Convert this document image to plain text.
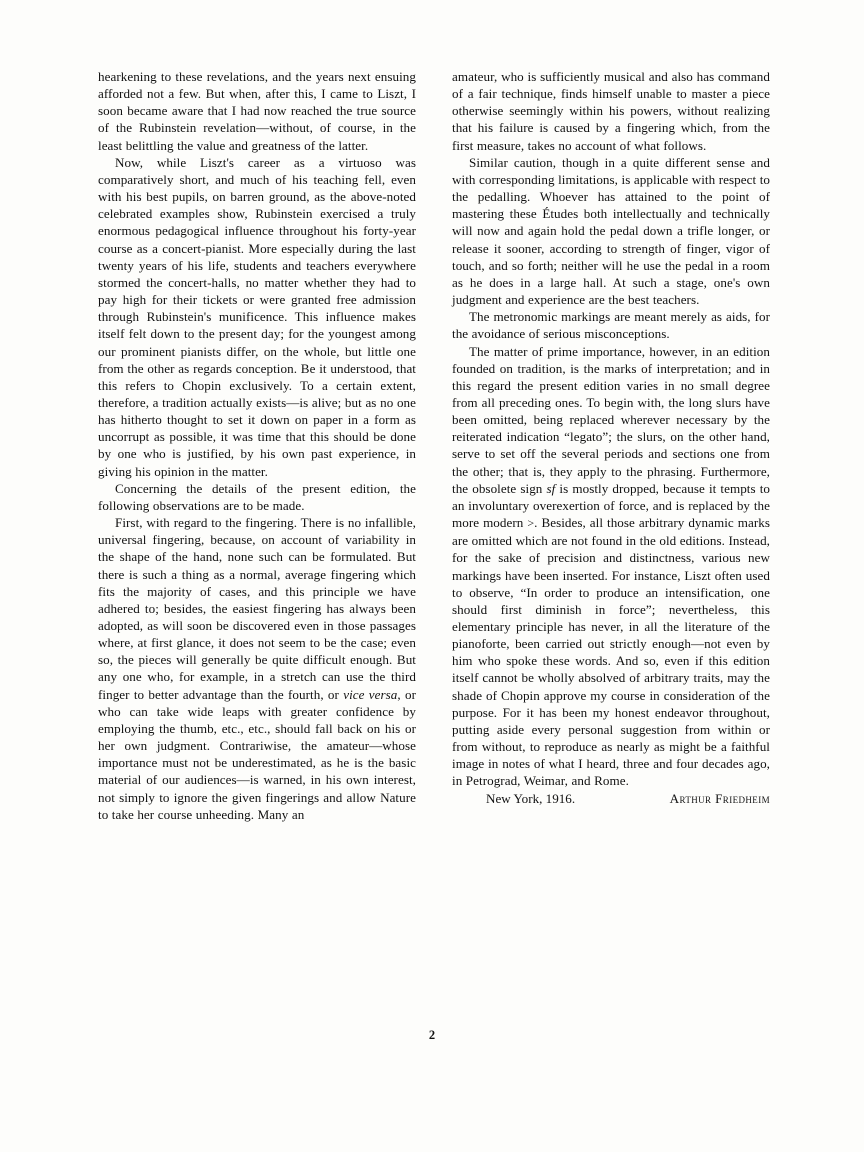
hearkening to these revelations, and the years next ensuing afforded not a few. But when, after this, I came to Liszt, I soon became aware that I had now reached the true source of the Rubinstein revelation—without, of course, in the least belittling the value and greatness of the latter.

Now, while Liszt's career as a virtuoso was comparatively short, and much of his teaching fell, even with his best pupils, on barren ground, as the above-noted celebrated examples show, Rubinstein exercised a truly enormous pedagogical influence throughout his forty-year course as a concert-pianist. More especially during the last twenty years of his life, students and teachers everywhere stormed the concert-halls, no matter whether they had to pay high for their tickets or were granted free admission through Rubinstein's munificence. This influence makes itself felt down to the present day; for the youngest among our prominent pianists differ, on the whole, but little one from the other as regards conception. Be it understood, that this refers to Chopin exclusively. To a certain extent, therefore, a tradition actually exists—is alive; but as no one has hitherto thought to set it down on paper in a form as uncorrupt as possible, it was time that this should be done by one who is justified, by his own past experience, in giving his opinion in the matter.

Concerning the details of the present edition, the following observations are to be made.

First, with regard to the fingering. There is no infallible, universal fingering, because, on account of variability in the shape of the hand, none such can be formulated. But there is such a thing as a normal, average fingering which fits the majority of cases, and this principle we have adhered to; besides, the easiest fingering has always been adopted, as will soon be discovered even in those passages where, at first glance, it does not seem to be the case; even so, the pieces will generally be quite difficult enough. But any one who, for example, in a stretch can use the third finger to better advantage than the fourth, or vice versa, or who can take wide leaps with greater confidence by employing the thumb, etc., etc., should fall back on his or her own judgment. Contrariwise, the amateur—whose importance must not be underestimated, as he is the basic material of our audiences—is warned, in his own interest, not simply to ignore the given fingerings and allow Nature to take her course unheeding. Many an

amateur, who is sufficiently musical and also has command of a fair technique, finds himself unable to master a piece otherwise seemingly within his powers, without realizing that his failure is caused by a fingering which, from the first measure, takes no account of what follows.

Similar caution, though in a quite different sense and with corresponding limitations, is applicable with respect to the pedalling. Whoever has attained to the point of mastering these Études both intellectually and technically will now and again hold the pedal down a trifle longer, or release it sooner, according to strength of finger, vigor of touch, and so forth; neither will he use the pedal in a room as he does in a large hall. At such a stage, one's own judgment and experience are the best teachers.

The metronomic markings are meant merely as aids, for the avoidance of serious misconceptions.

The matter of prime importance, however, in an edition founded on tradition, is the marks of interpretation; and in this regard the present edition varies in no small degree from all preceding ones. To begin with, the long slurs have been omitted, being replaced wherever necessary by the reiterated indication “legato”; the slurs, on the other hand, serve to set off the several periods and sections one from the other; that is, they apply to the phrasing. Furthermore, the obsolete sign sf is mostly dropped, because it tempts to an involuntary overexertion of force, and is replaced by the more modern >. Besides, all those arbitrary dynamic marks are omitted which are not found in the old editions. Instead, for the sake of precision and distinctness, various new markings have been inserted. For instance, Liszt often used to observe, “In order to produce an intensification, one should first diminish in force”; nevertheless, this elementary principle has never, in all the literature of the pianoforte, been carried out strictly enough—not even by him who spoke these words. And so, even if this edition itself cannot be wholly absolved of arbitrary traits, may the shade of Chopin approve my course in consideration of the purpose. For it has been my honest endeavor throughout, putting aside every personal suggestion from within or from without, to reproduce as nearly as might be a faithful image in notes of what I heard, three and four decades ago, in Petrograd, Weimar, and Rome.

New York, 1916.	Arthur Friedheim
2
